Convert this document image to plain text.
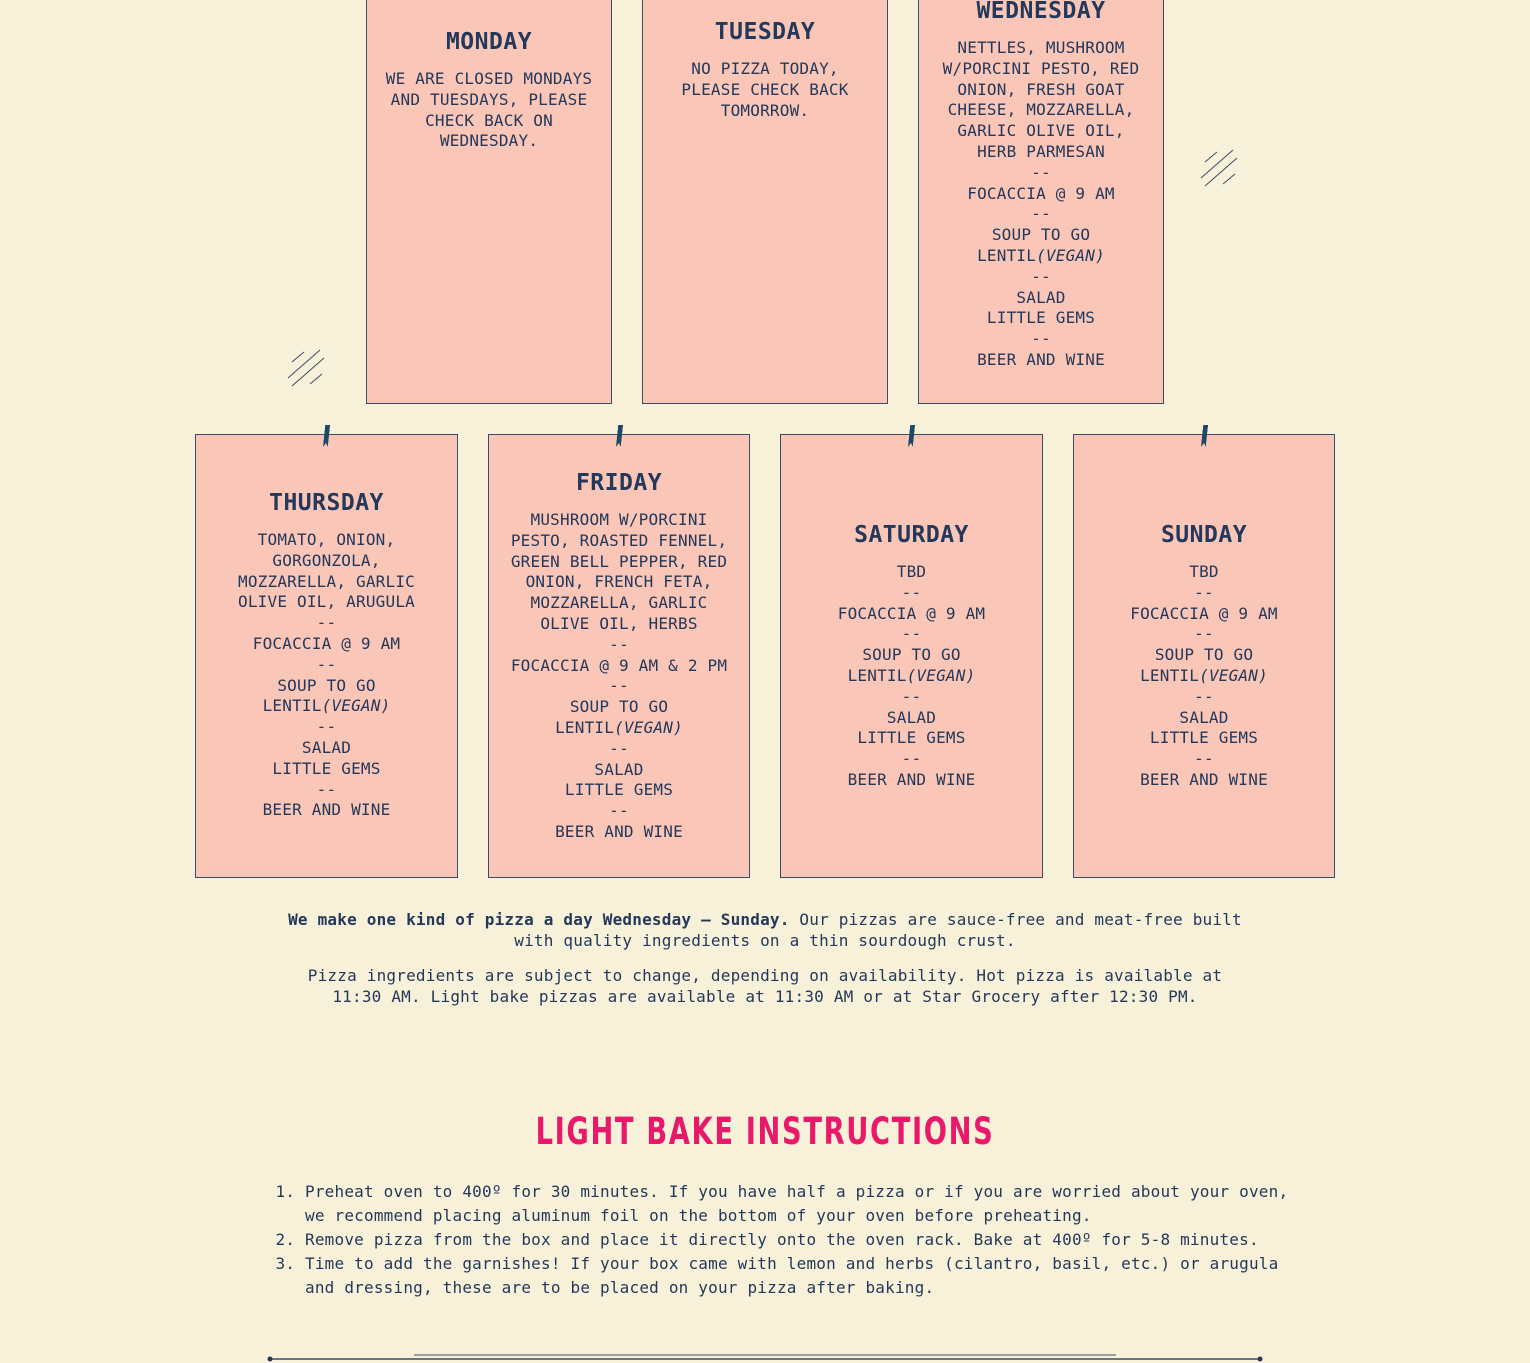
MONDAY
WE ARE CLOSED MONDAYS
AND TUESDAYS, PLEASE
CHECK BACK ON
WEDNESDAY.
TUESDAY
NO PIZZA TODAY,
PLEASE CHECK BACK
TOMORROW.
WEDNESDAY
NETTLES, MUSHROOM
W/PORCINI PESTO, RED
ONION, FRESH GOAT
CHEESE, MOZZARELLA,
GARLIC OLIVE OIL,
HERB PARMESAN
--
FOCACCIA @ 9 AM
--
SOUP TO GO
LENTIL(VEGAN)
--
SALAD
LITTLE GEMS
--
BEER AND WINE
THURSDAY
TOMATO, ONION,
GORGONZOLA,
MOZZARELLA, GARLIC
OLIVE OIL, ARUGULA
--
FOCACCIA @ 9 AM
--
SOUP TO GO
LENTIL(VEGAN)
--
SALAD
LITTLE GEMS
--
BEER AND WINE
FRIDAY
MUSHROOM W/PORCINI
PESTO, ROASTED FENNEL,
GREEN BELL PEPPER, RED
ONION, FRENCH FETA,
MOZZARELLA, GARLIC
OLIVE OIL, HERBS
--
FOCACCIA @ 9 AM & 2 PM
--
SOUP TO GO
LENTIL(VEGAN)
--
SALAD
LITTLE GEMS
--
BEER AND WINE
SATURDAY
TBD
--
FOCACCIA @ 9 AM
--
SOUP TO GO
LENTIL(VEGAN)
--
SALAD
LITTLE GEMS
--
BEER AND WINE
SUNDAY
TBD
--
FOCACCIA @ 9 AM
--
SOUP TO GO
LENTIL(VEGAN)
--
SALAD
LITTLE GEMS
--
BEER AND WINE
We make one kind of pizza a day Wednesday — Sunday. Our pizzas are sauce-free and meat-free built
with quality ingredients on a thin sourdough crust.
Pizza ingredients are subject to change, depending on availability. Hot pizza is available at
11:30 AM. Light bake pizzas are available at 11:30 AM or at Star Grocery after 12:30 PM.
LIGHT BAKE INSTRUCTIONS
1. Preheat oven to 400º for 30 minutes. If you have half a pizza or if you are worried about your oven, we recommend placing aluminum foil on the bottom of your oven before preheating.
2. Remove pizza from the box and place it directly onto the oven rack. Bake at 400º for 5-8 minutes.
3. Time to add the garnishes! If your box came with lemon and herbs (cilantro, basil, etc.) or arugula and dressing, these are to be placed on your pizza after baking.
